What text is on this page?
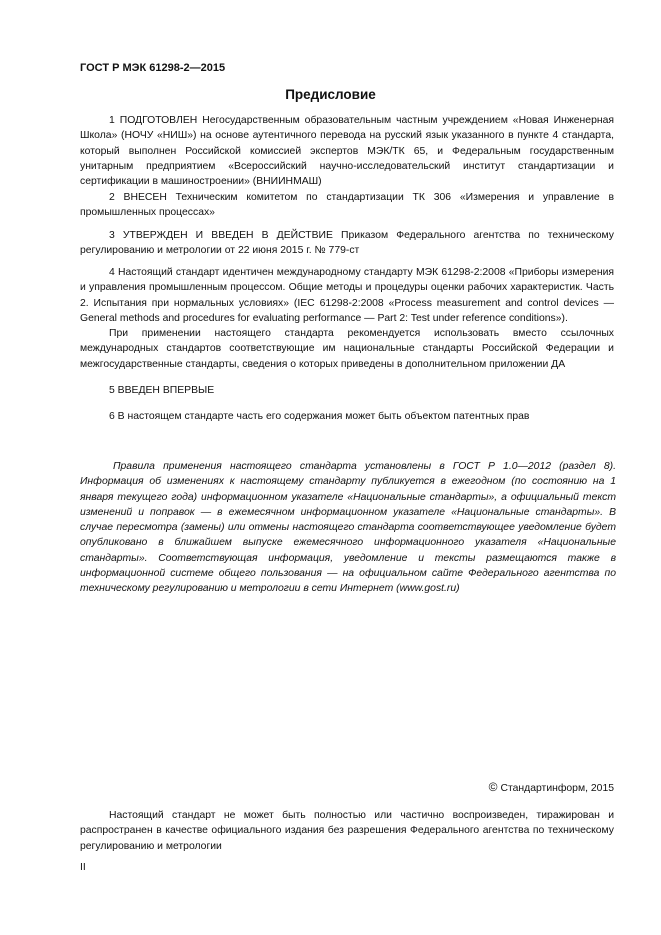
ГОСТ Р МЭК 61298-2—2015
Предисловие

1 ПОДГОТОВЛЕН Негосударственным образовательным частным учреждением «Новая Инженерная Школа» (НОЧУ «НИШ») на основе аутентичного перевода на русский язык указанного в пункте 4 стандарта, который выполнен Российской комиссией экспертов МЭК/ТК 65, и Федеральным государственным унитарным предприятием «Всероссийский научно-исследовательский институт стандартизации и сертификации в машиностроении» (ВНИИНМАШ)

2 ВНЕСЕН Техническим комитетом по стандартизации ТК 306 «Измерения и управление в промышленных процессах»

3 УТВЕРЖДЕН И ВВЕДЕН В ДЕЙСТВИЕ Приказом Федерального агентства по техническому регулированию и метрологии от 22 июня 2015 г. № 779-ст

4 Настоящий стандарт идентичен международному стандарту МЭК 61298-2:2008 «Приборы измерения и управления промышленным процессом. Общие методы и процедуры оценки рабочих характеристик. Часть 2. Испытания при нормальных условиях» (IEC 61298-2:2008 «Process measurement and control devices — General methods and procedures for evaluating performance — Part 2: Test under reference conditions»).

При применении настоящего стандарта рекомендуется использовать вместо ссылочных международных стандартов соответствующие им национальные стандарты Российской Федерации и межгосударственные стандарты, сведения о которых приведены в дополнительном приложении ДА

5 ВВЕДЕН ВПЕРВЫЕ

6 В настоящем стандарте часть его содержания может быть объектом патентных прав

Правила применения настоящего стандарта установлены в ГОСТ Р 1.0—2012 (раздел 8). Информация об изменениях к настоящему стандарту публикуется в ежегодном (по состоянию на 1 января текущего года) информационном указателе «Национальные стандарты», а официальный текст изменений и поправок — в ежемесячном информационном указателе «Национальные стандарты». В случае пересмотра (замены) или отмены настоящего стандарта соответствующее уведомление будет опубликовано в ближайшем выпуске ежемесячного информационного указателя «Национальные стандарты». Соответствующая информация, уведомление и тексты размещаются также в информационной системе общего пользования — на официальном сайте Федерального агентства по техническому регулированию и метрологии в сети Интернет (www.gost.ru)

© Стандартинформ, 2015

Настоящий стандарт не может быть полностью или частично воспроизведен, тиражирован и распространен в качестве официального издания без разрешения Федерального агентства по техническому регулированию и метрологии

II
